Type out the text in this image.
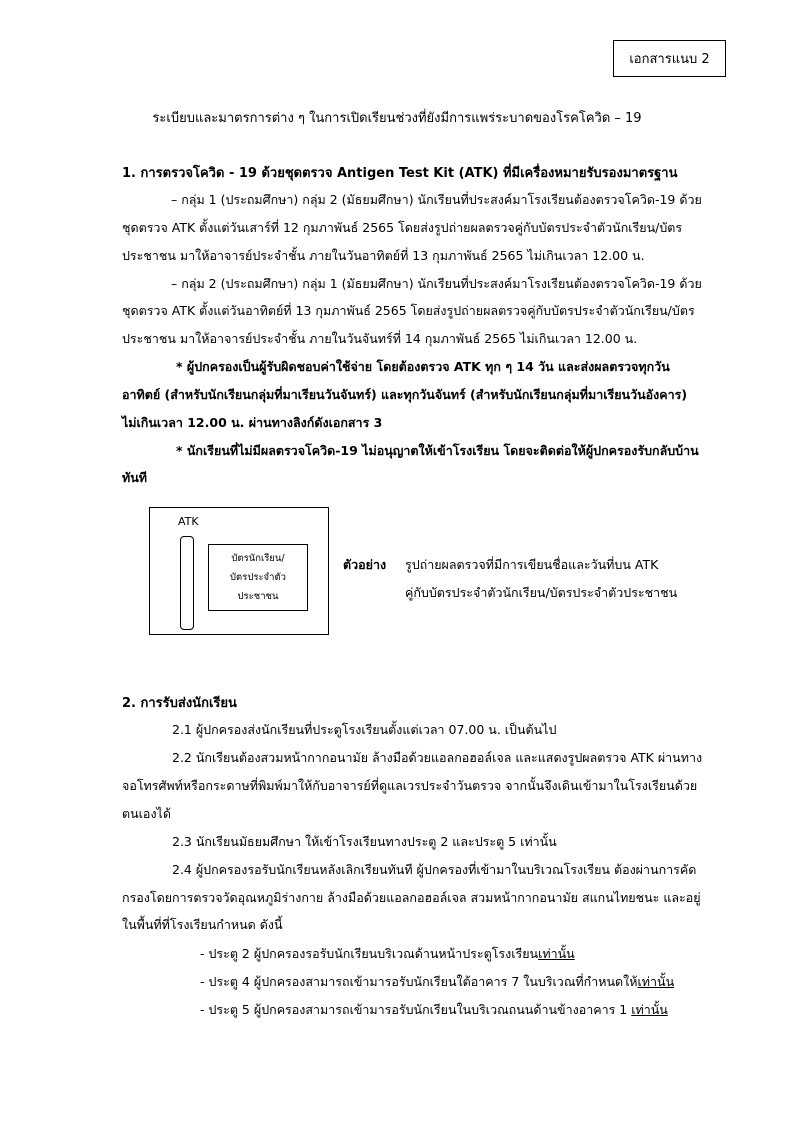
เอกสารแนบ 2
ระเบียบและมาตรการต่าง ๆ ในการเปิดเรียนช่วงที่ยังมีการแพร่ระบาดของโรคโควิด – 19
1. การตรวจโควิด - 19 ด้วยชุดตรวจ Antigen Test Kit (ATK) ที่มีเครื่องหมายรับรองมาตรฐาน
– กลุ่ม 1 (ประถมศึกษา) กลุ่ม 2 (มัธยมศึกษา) นักเรียนที่ประสงค์มาโรงเรียนต้องตรวจโควิด-19 ด้วย
ชุดตรวจ ATK ตั้งแต่วันเสาร์ที่ 12 กุมภาพันธ์ 2565 โดยส่งรูปถ่ายผลตรวจคู่กับบัตรประจำตัวนักเรียน/บัตร
ประชาชน มาให้อาจารย์ประจำชั้น ภายในวันอาทิตย์ที่ 13 กุมภาพันธ์ 2565 ไม่เกินเวลา 12.00 น.
– กลุ่ม 2 (ประถมศึกษา) กลุ่ม 1 (มัธยมศึกษา) นักเรียนที่ประสงค์มาโรงเรียนต้องตรวจโควิด-19 ด้วย
ชุดตรวจ ATK ตั้งแต่วันอาทิตย์ที่ 13 กุมภาพันธ์ 2565 โดยส่งรูปถ่ายผลตรวจคู่กับบัตรประจำตัวนักเรียน/บัตร
ประชาชน มาให้อาจารย์ประจำชั้น ภายในวันจันทร์ที่ 14 กุมภาพันธ์ 2565 ไม่เกินเวลา 12.00 น.
* ผู้ปกครองเป็นผู้รับผิดชอบค่าใช้จ่าย โดยต้องตรวจ ATK ทุก ๆ 14 วัน และส่งผลตรวจทุกวัน
อาทิตย์ (สำหรับนักเรียนกลุ่มที่มาเรียนวันจันทร์) และทุกวันจันทร์ (สำหรับนักเรียนกลุ่มที่มาเรียนวันอังคาร)
ไม่เกินเวลา 12.00 น. ผ่านทางลิงก์ดังเอกสาร 3
* นักเรียนที่ไม่มีผลตรวจโควิด-19 ไม่อนุญาตให้เข้าโรงเรียน โดยจะติดต่อให้ผู้ปกครองรับกลับบ้าน
ทันที
ATK
บัตรนักเรียน/
บัตรประจำตัว
ประชาชน
ตัวอย่าง รูปถ่ายผลตรวจที่มีการเขียนชื่อและวันที่บน ATK
คู่กับบัตรประจำตัวนักเรียน/บัตรประจำตัวประชาชน
2. การรับส่งนักเรียน
2.1 ผู้ปกครองส่งนักเรียนที่ประตูโรงเรียนตั้งแต่เวลา 07.00 น. เป็นต้นไป
2.2 นักเรียนต้องสวมหน้ากากอนามัย ล้างมือด้วยแอลกอฮอล์เจล และแสดงรูปผลตรวจ ATK ผ่านทาง
จอโทรศัพท์หรือกระดาษที่พิมพ์มาให้กับอาจารย์ที่ดูแลเวรประจำวันตรวจ จากนั้นจึงเดินเข้ามาในโรงเรียนด้วย
ตนเองได้
2.3 นักเรียนมัธยมศึกษา ให้เข้าโรงเรียนทางประตู 2 และประตู 5 เท่านั้น
2.4 ผู้ปกครองรอรับนักเรียนหลังเลิกเรียนทันที ผู้ปกครองที่เข้ามาในบริเวณโรงเรียน ต้องผ่านการคัด
กรองโดยการตรวจวัดอุณหภูมิร่างกาย ล้างมือด้วยแอลกอฮอล์เจล สวมหน้ากากอนามัย สแกนไทยชนะ และอยู่
ในพื้นที่ที่โรงเรียนกำหนด ดังนี้
- ประตู 2 ผู้ปกครองรอรับนักเรียนบริเวณด้านหน้าประตูโรงเรียนเท่านั้น
- ประตู 4 ผู้ปกครองสามารถเข้ามารอรับนักเรียนใต้อาคาร 7 ในบริเวณที่กำหนดให้เท่านั้น
- ประตู 5 ผู้ปกครองสามารถเข้ามารอรับนักเรียนในบริเวณถนนด้านข้างอาคาร 1 เท่านั้น
